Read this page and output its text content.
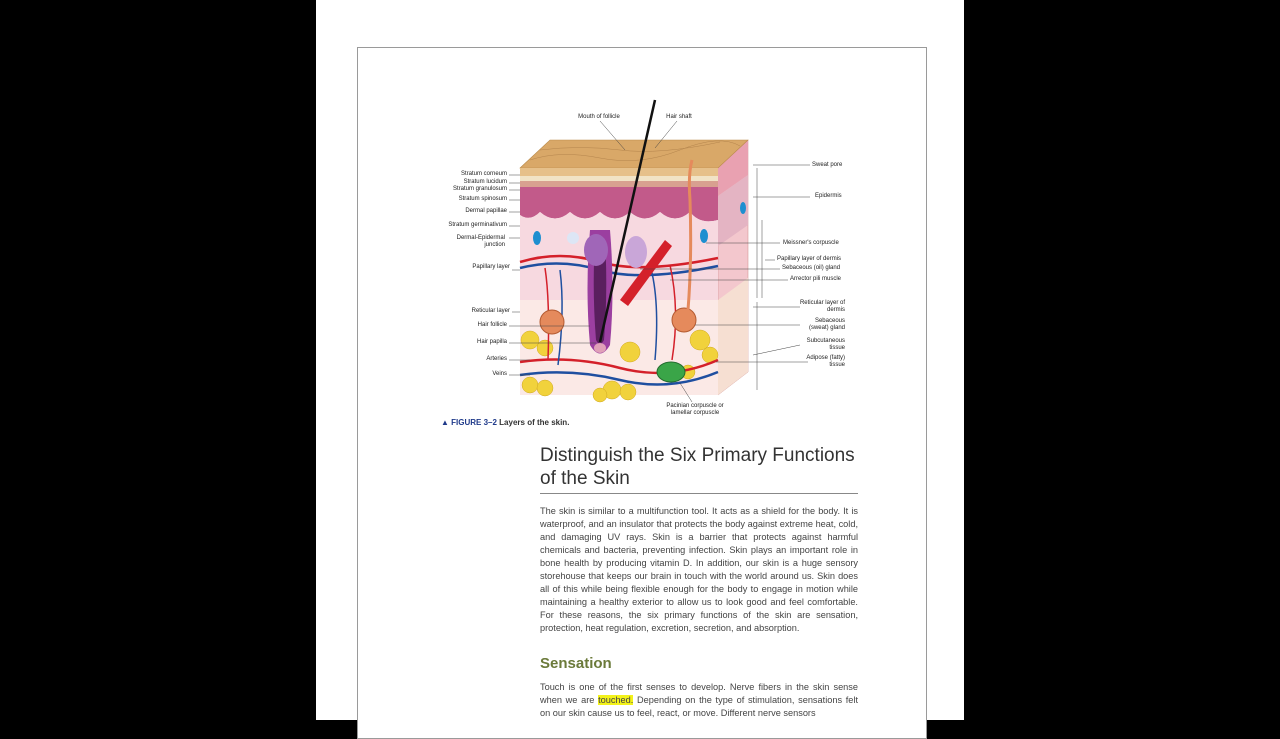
Mouth of follicle	Hair shaft
Stratum corneum
Stratum lucidum
Stratum granulosum
Stratum spinosum
Dermal papillae
Stratum germinativum
Dermal-Epidermal junction
Papillary layer
Reticular layer
Hair follicle
Hair papilla
Arteries
Veins
Sweat pore
Epidermis
Meissner's corpuscle
Papillary layer of dermis
Sebaceous (oil) gland
Arrector pili muscle
Reticular layer of dermis
Sebaceous (sweat) gland
Subcutaneous tissue
Adipose (fatty) tissue
Pacinian corpuscle or lamellar corpuscle
▲ FIGURE 3–2 Layers of the skin.
Distinguish the Six Primary Functions of the Skin
The skin is similar to a multifunction tool. It acts as a shield for the body. It is waterproof, and an insulator that protects the body against extreme heat, cold, and damaging UV rays. Skin is a barrier that protects against harmful chemicals and bacteria, preventing infection. Skin plays an important role in bone health by producing vitamin D. In addition, our skin is a huge sensory storehouse that keeps our brain in touch with the world around us. Skin does all of this while being flexible enough for the body to engage in motion while maintaining a healthy exterior to allow us to look good and feel comfortable. For these reasons, the six primary functions of the skin are sensation, protection, heat regulation, excretion, secretion, and absorption.
Sensation
Touch is one of the first senses to develop. Nerve fibers in the skin sense when we are touched. Depending on the type of stimulation, sensations felt on our skin cause us to feel, react, or move. Different nerve sensors
